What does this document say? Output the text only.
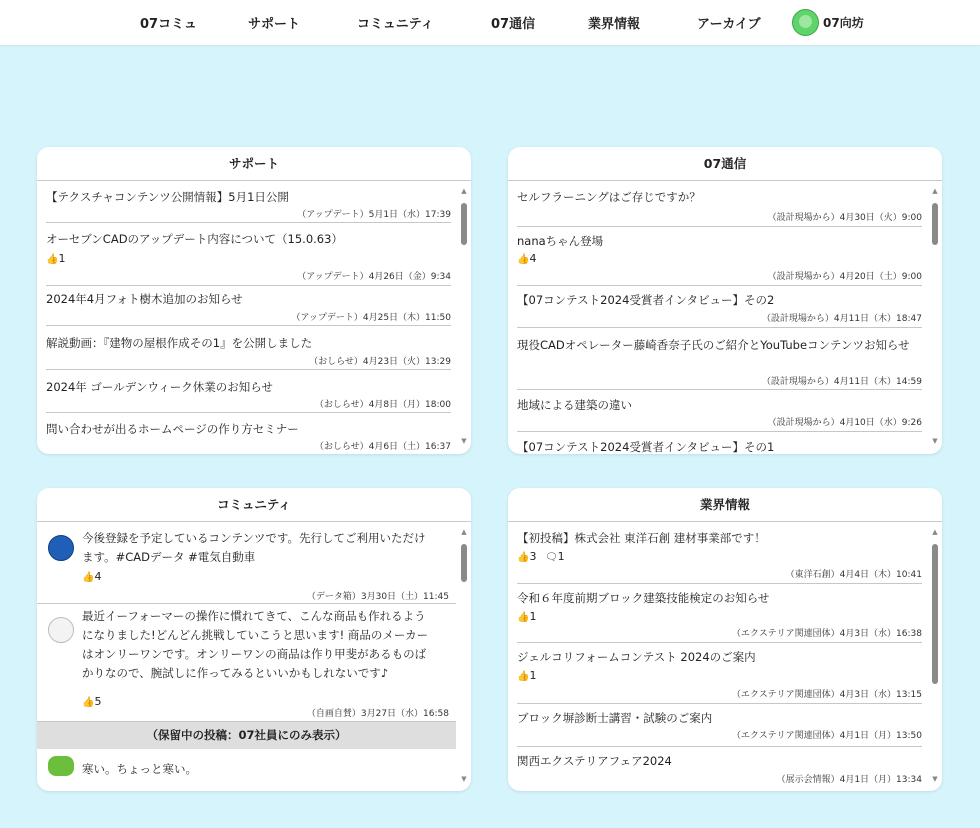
07コミュ	サポート	コミュニティ	07通信	業界情報	アーカイブ	07向坊
サポート
【テクスチャコンテンツ公開情報】5月1日公開
（アップデート）5月1日（水）17:39
オーセブンCADのアップデート内容について（15.0.63）
👍1
（アップデート）4月26日（金）9:34
2024年4月フォト樹木追加のお知らせ
（アップデート）4月25日（木）11:50
解説動画：『建物の屋根作成その1』を公開しました
（おしらせ）4月23日（火）13:29
2024年 ゴールデンウィーク休業のお知らせ
（おしらせ）4月8日（月）18:00
問い合わせが出るホームページの作り方セミナー
（おしらせ）4月6日（土）16:37
▲
▼
07通信
セルフラーニングはご存じですか？
（設計現場から）4月30日（火）9:00
nanaちゃん登場
👍4
（設計現場から）4月20日（土）9:00
【07コンテスト2024受賞者インタビュー】その2
（設計現場から）4月11日（木）18:47
現役CADオペレーター藤崎香奈子氏のご紹介とYouTubeコンテンツお知らせ
（設計現場から）4月11日（木）14:59
地域による建築の違い
（設計現場から）4月10日（水）9:26
【07コンテスト2024受賞者インタビュー】その1
▲
▼
コミュニティ
今後登録を予定しているコンテンツです。先行してご利用いただけます。#CADデータ #電気自動車
👍4
（データ箱）3月30日（土）11:45
最近イーフォーマーの操作に慣れてきて、こんな商品も作れるようになりました!どんどん挑戦していこうと思います! 商品のメーカーはオンリーワンです。オンリーワンの商品は作り甲斐があるものばかりなので、腕試しに作ってみるといいかもしれないです♪
👍5
（自画自賛）3月27日（水）16:58
（保留中の投稿：07社員にのみ表示）
寒い。ちょっと寒い。
▲
▼
業界情報
【初投稿】株式会社 東洋石創 建材事業部です！
👍3 🗨1
（東洋石創）4月4日（木）10:41
令和６年度前期ブロック建築技能検定のお知らせ
👍1
（エクステリア関連団体）4月3日（水）16:38
ジェルコリフォームコンテスト 2024のご案内
👍1
（エクステリア関連団体）4月3日（水）13:15
ブロック塀診断士講習・試験のご案内
（エクステリア関連団体）4月1日（月）13:50
関西エクステリアフェア2024
（展示会情報）4月1日（月）13:34
▲
▼
